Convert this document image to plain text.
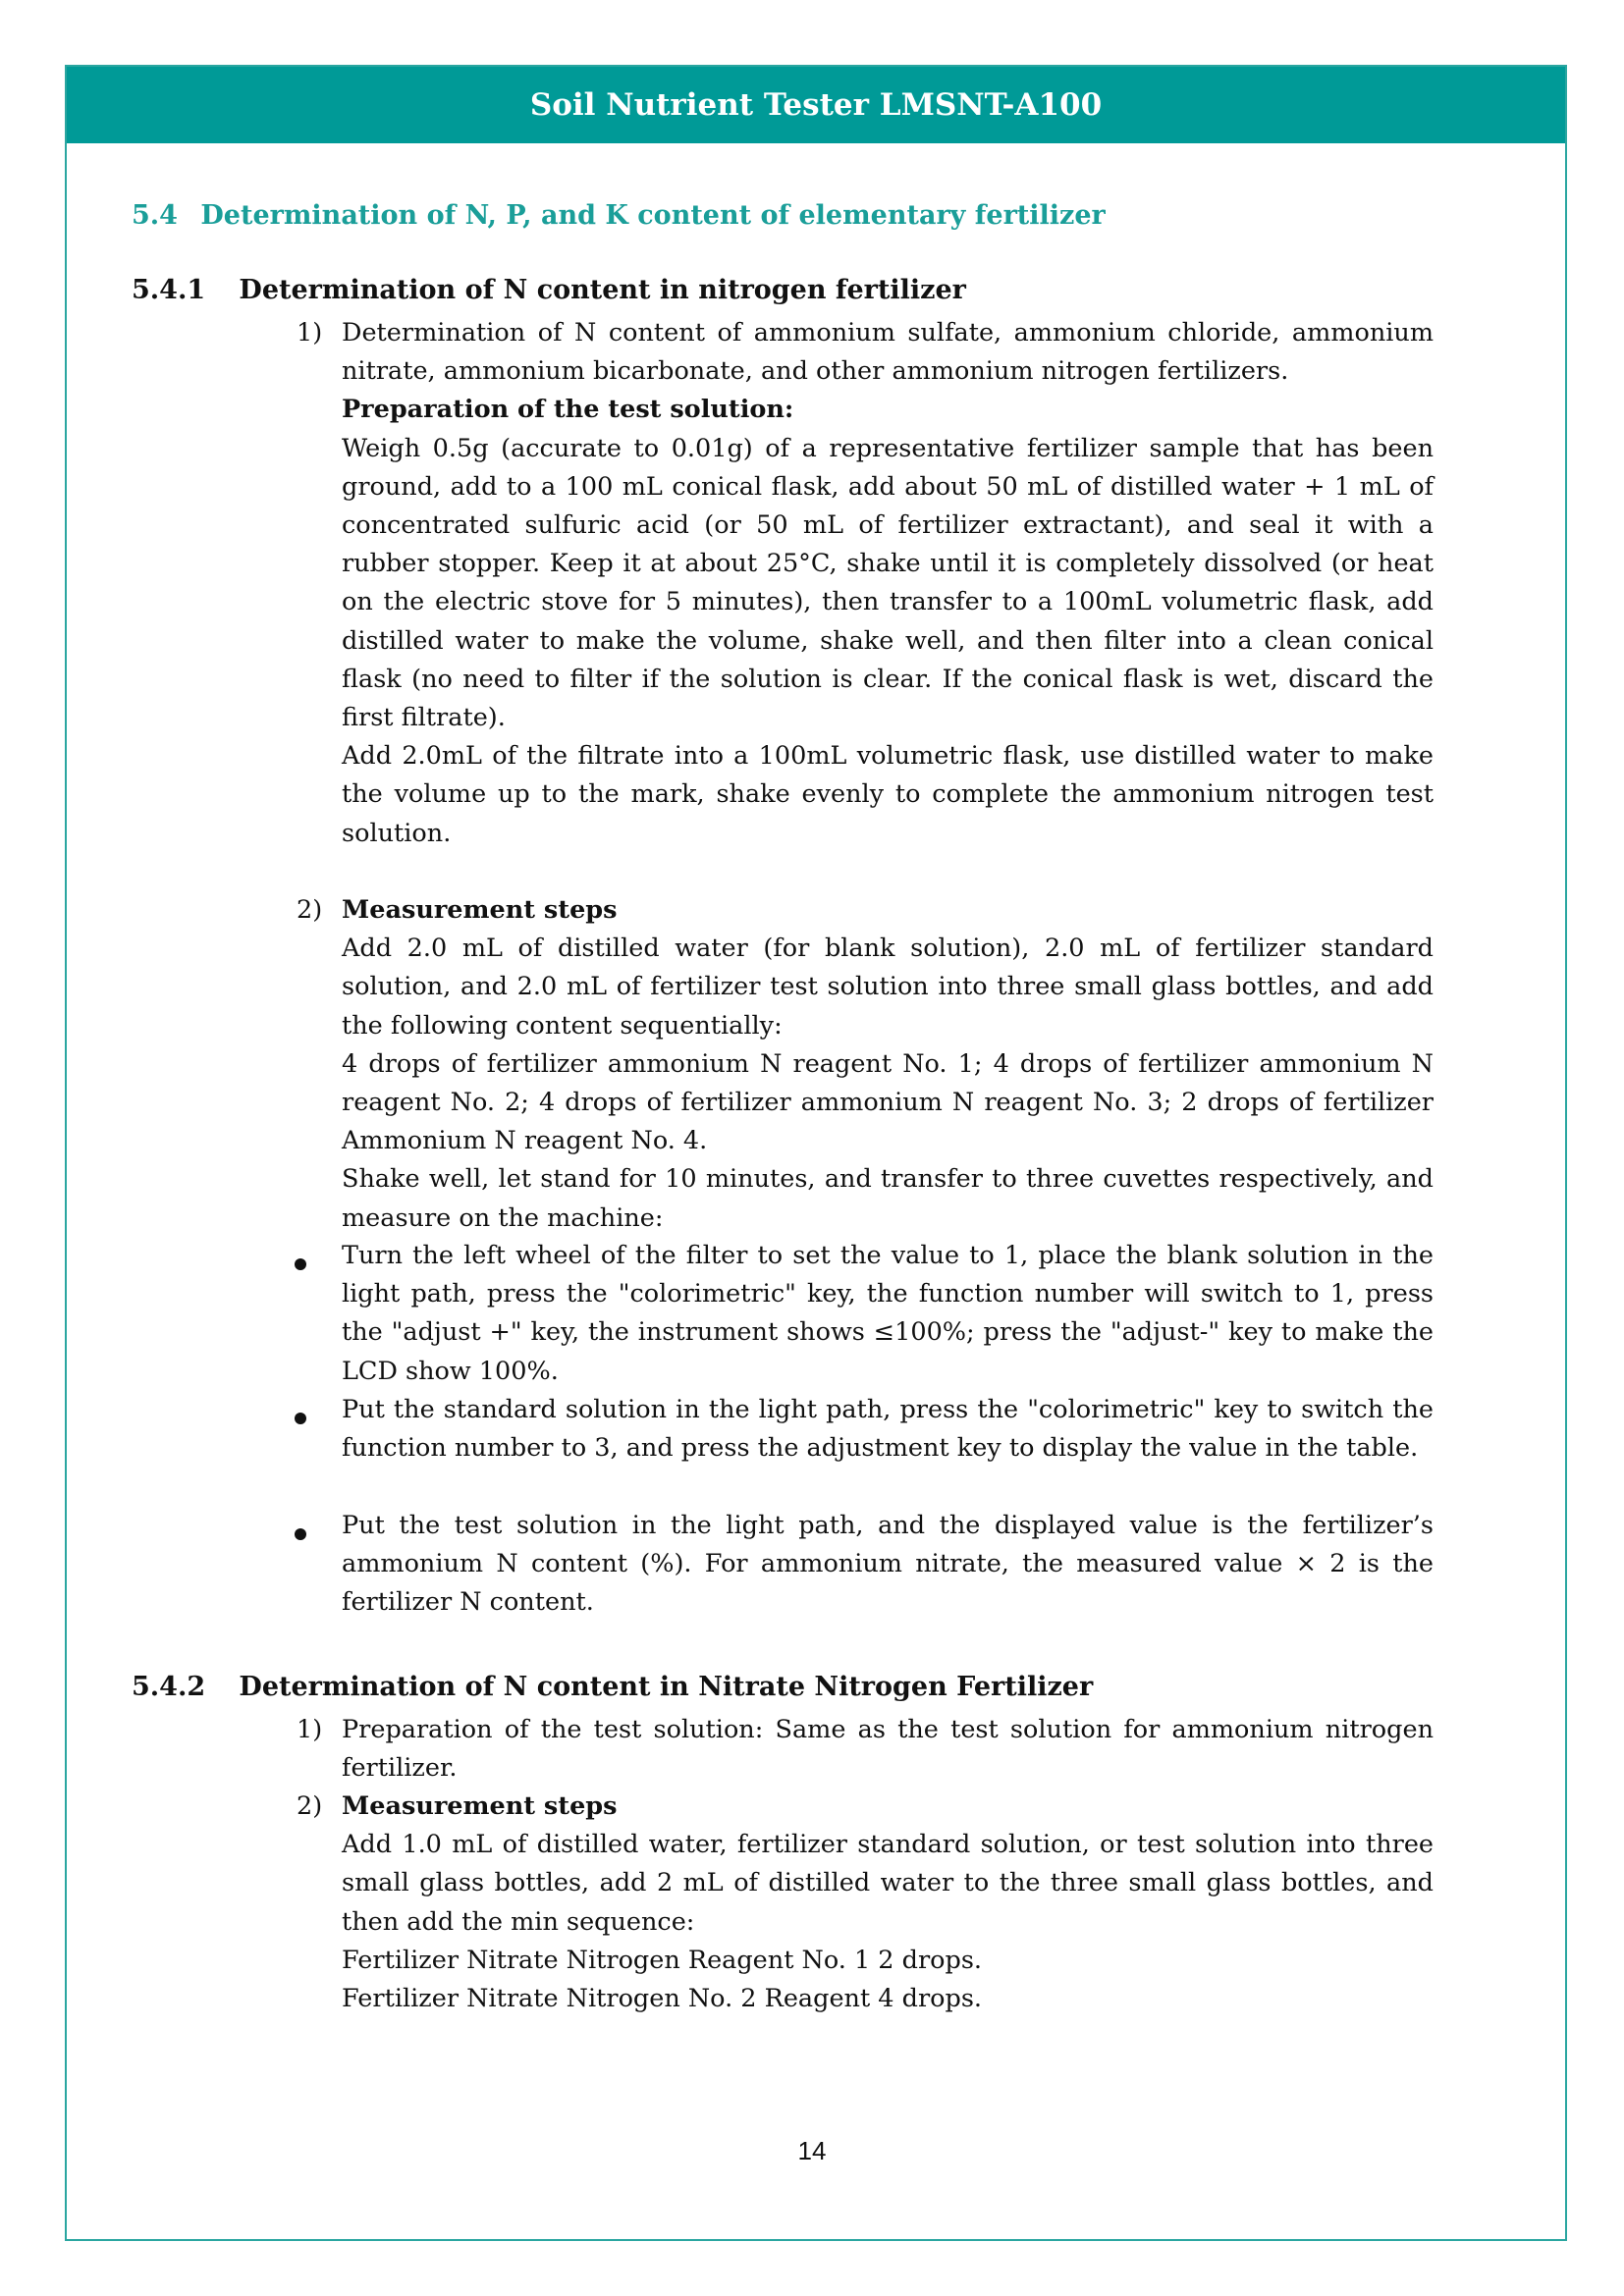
Soil Nutrient Tester LMSNT-A100
5.4 Determination of N, P, and K content of elementary fertilizer
5.4.1 Determination of N content in nitrogen fertilizer
1) Determination of N content of ammonium sulfate, ammonium chloride, ammonium nitrate, ammonium bicarbonate, and other ammonium nitrogen fertilizers.

Preparation of the test solution:

Weigh 0.5g (accurate to 0.01g) of a representative fertilizer sample that has been ground, add to a 100 mL conical flask, add about 50 mL of distilled water + 1 mL of concentrated sulfuric acid (or 50 mL of fertilizer extractant), and seal it with a rubber stopper. Keep it at about 25°C, shake until it is completely dissolved (or heat on the electric stove for 5 minutes), then transfer to a 100mL volumetric flask, add distilled water to make the volume, shake well, and then filter into a clean conical flask (no need to filter if the solution is clear. If the conical flask is wet, discard the first filtrate).

Add 2.0mL of the filtrate into a 100mL volumetric flask, use distilled water to make the volume up to the mark, shake evenly to complete the ammonium nitrogen test solution.

2) Measurement steps

Add 2.0 mL of distilled water (for blank solution), 2.0 mL of fertilizer standard solution, and 2.0 mL of fertilizer test solution into three small glass bottles, and add the following content sequentially:

4 drops of fertilizer ammonium N reagent No. 1; 4 drops of fertilizer ammonium N reagent No. 2; 4 drops of fertilizer ammonium N reagent No. 3; 2 drops of fertilizer Ammonium N reagent No. 4.

Shake well, let stand for 10 minutes, and transfer to three cuvettes respectively, and measure on the machine:

Turn the left wheel of the filter to set the value to 1, place the blank solution in the light path, press the "colorimetric" key, the function number will switch to 1, press the "adjust +" key, the instrument shows ≤100%; press the "adjust-" key to make the LCD show 100%.

Put the standard solution in the light path, press the "colorimetric" key to switch the function number to 3, and press the adjustment key to display the value in the table.

Put the test solution in the light path, and the displayed value is the fertilizer’s ammonium N content (%). For ammonium nitrate, the measured value × 2 is the fertilizer N content.

5.4.2 Determination of N content in Nitrate Nitrogen Fertilizer
1) Preparation of the test solution: Same as the test solution for ammonium nitrogen fertilizer.

2) Measurement steps

Add 1.0 mL of distilled water, fertilizer standard solution, or test solution into three small glass bottles, add 2 mL of distilled water to the three small glass bottles, and then add the min sequence:

Fertilizer Nitrate Nitrogen Reagent No. 1 2 drops.

Fertilizer Nitrate Nitrogen No. 2 Reagent 4 drops.

14
